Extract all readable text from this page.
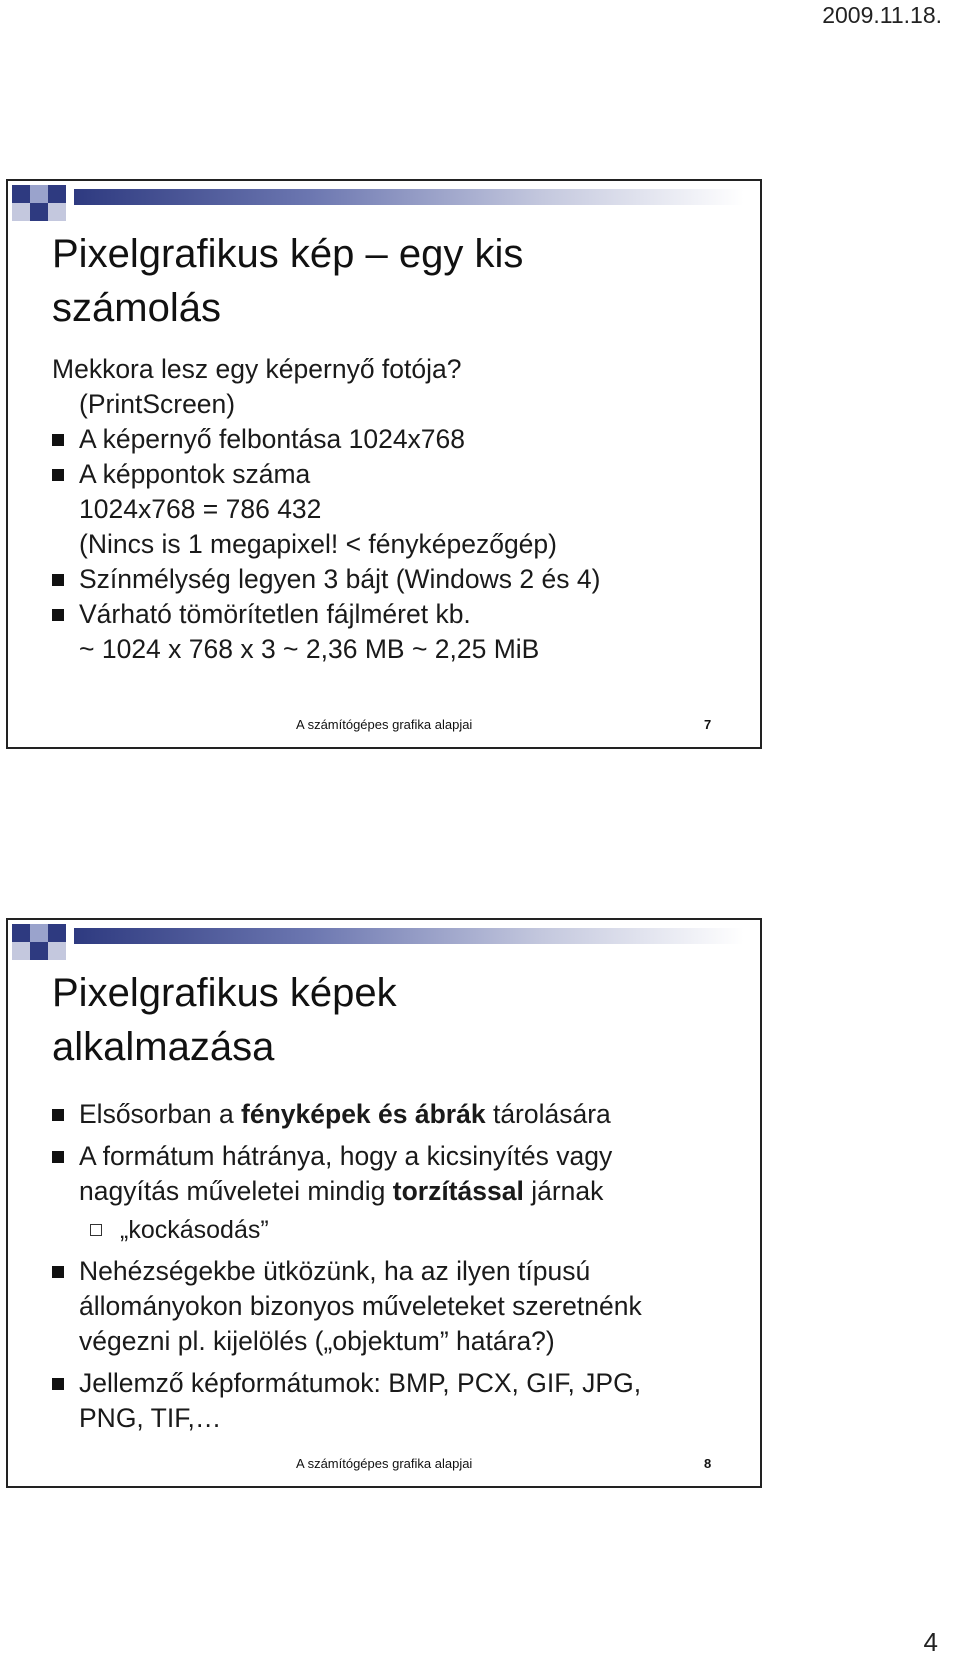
2009.11.18.
Pixelgrafikus kép – egy kis
számolás

Mekkora lesz egy képernyő fotója?
(PrintScreen)

A képernyő felbontása 1024x768

A képpontok száma
1024x768 = 786 432
(Nincs is 1 megapixel! < fényképezőgép)

Színmélység legyen 3 bájt (Windows 2 és 4)

Várható tömörítetlen fájlméret kb.
~ 1024 x 768 x 3 ~ 2,36 MB ~ 2,25 MiB

A számítógépes grafika alapjai	7
Pixelgrafikus képek
alkalmazása

Elsősorban a fényképek és ábrák tárolására

A formátum hátránya, hogy a kicsinyítés vagy
nagyítás műveletei mindig torzítással járnak

„kockásodás”

Nehézségekbe ütközünk, ha az ilyen típusú
állományokon bizonyos műveleteket szeretnénk
végezni pl. kijelölés („objektum” határa?)

Jellemző képformátumok: BMP, PCX, GIF, JPG,
PNG, TIF,…

A számítógépes grafika alapjai	8
4
